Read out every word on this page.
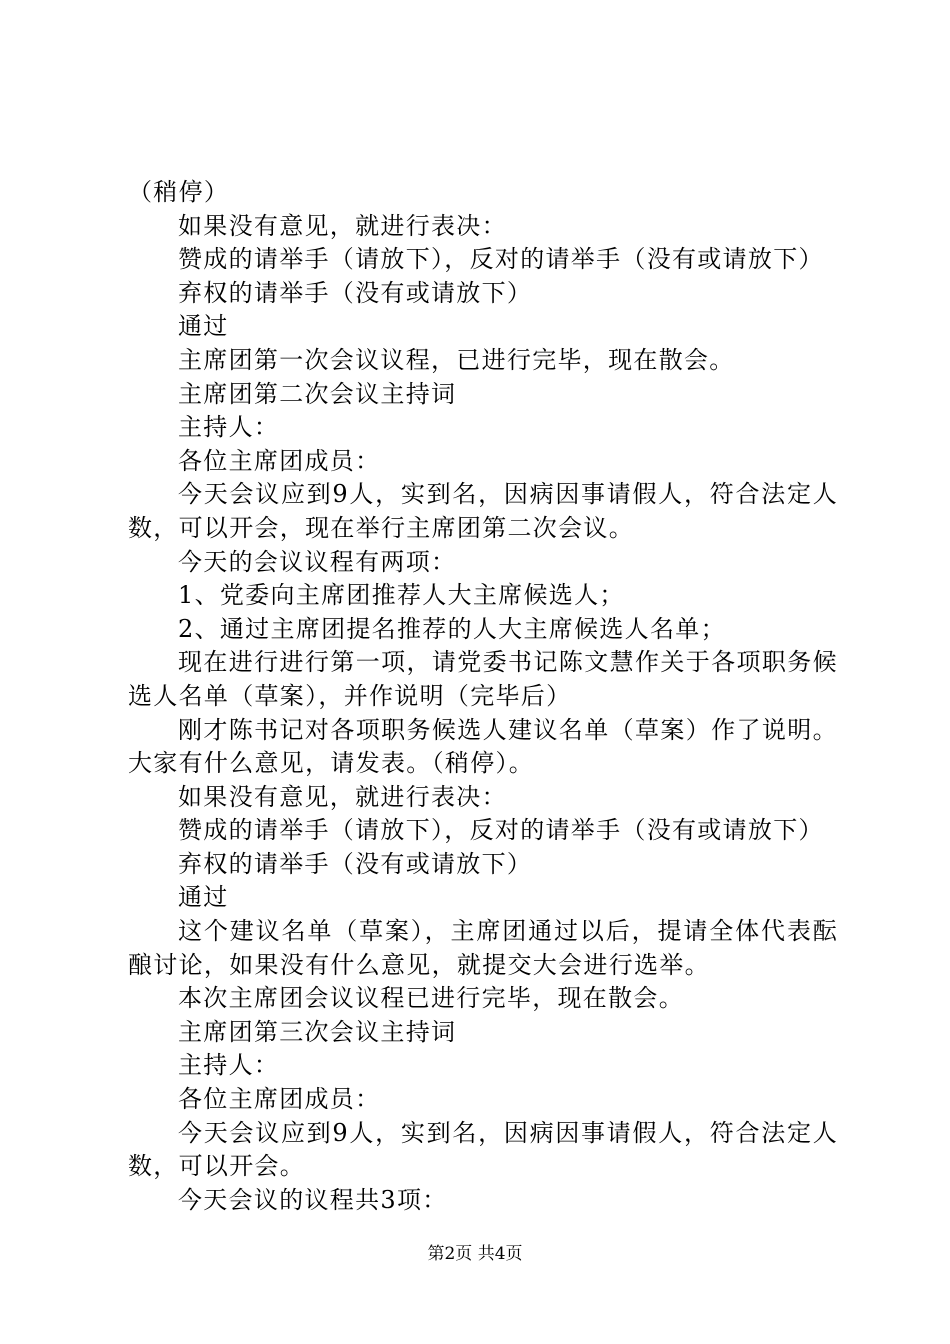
（稍停）

如果没有意见，就进行表决：

赞成的请举手（请放下），反对的请举手（没有或请放下）

弃权的请举手（没有或请放下）

通过

主席团第一次会议议程，已进行完毕，现在散会。

主席团第二次会议主持词

主持人：

各位主席团成员：

今天会议应到9人，实到名，因病因事请假人，符合法定人数，可以开会，现在举行主席团第二次会议。

今天的会议议程有两项：

1、党委向主席团推荐人大主席候选人；

2、通过主席团提名推荐的人大主席候选人名单；

现在进行进行第一项，请党委书记陈文慧作关于各项职务候选人名单（草案），并作说明（完毕后）

刚才陈书记对各项职务候选人建议名单（草案）作了说明。大家有什么意见，请发表。（稍停）。

如果没有意见，就进行表决：

赞成的请举手（请放下），反对的请举手（没有或请放下）

弃权的请举手（没有或请放下）

通过

这个建议名单（草案），主席团通过以后，提请全体代表酝酿讨论，如果没有什么意见，就提交大会进行选举。

本次主席团会议议程已进行完毕，现在散会。

主席团第三次会议主持词

主持人：

各位主席团成员：

今天会议应到9人，实到名，因病因事请假人，符合法定人数，可以开会。

今天会议的议程共3项：

第2页 共4页
